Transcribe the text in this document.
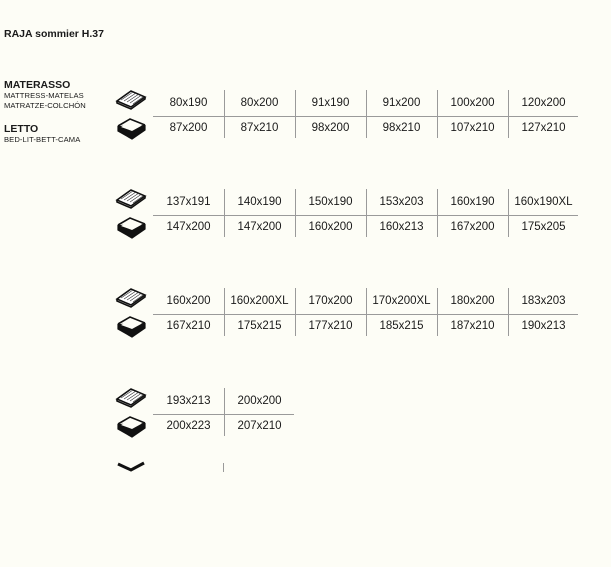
RAJA sommier H.37
MATERASSO
MATTRESS-MATELAS
MATRATZE-COLCHÓN
LETTO
BED-LIT-BETT-CAMA
80x190
87x200
80x200
87x210
91x190
98x200
91x200
98x210
100x200
107x210
120x200
127x210
137x191
147x200
140x190
147x200
150x190
160x200
153x203
160x213
160x190
167x200
160x190XL
175x205
160x200
167x210
160x200XL
175x215
170x200
177x210
170x200XL
185x215
180x200
187x210
183x203
190x213
193x213
200x223
200x200
207x210
